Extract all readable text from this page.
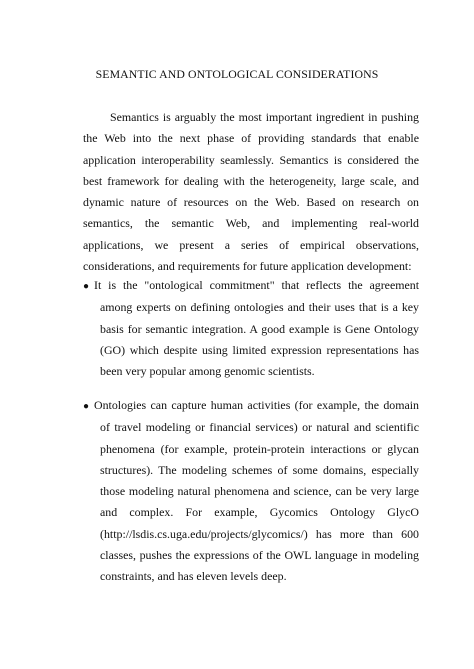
SEMANTIC AND ONTOLOGICAL CONSIDERATIONS

Semantics is arguably the most important ingredient in pushing the Web into the next phase of providing standards that enable application interoperability seamlessly. Semantics is considered the best framework for dealing with the heterogeneity, large scale, and dynamic nature of resources on the Web. Based on research on semantics, the semantic Web, and implementing real-world applications, we present a series of empirical observations, considerations, and requirements for future application development:

● It is the "ontological commitment" that reflects the agreement among experts on defining ontologies and their uses that is a key basis for semantic integration. A good example is Gene Ontology (GO) which despite using limited expression representations has been very popular among genomic scientists.
● Ontologies can capture human activities (for example, the domain of travel modeling or financial services) or natural and scientific phenomena (for example, protein-protein interactions or glycan structures). The modeling schemes of some domains, especially those modeling natural phenomena and science, can be very large and complex. For example, Gycomics Ontology GlycO (http://lsdis.cs.uga.edu/projects/glycomics/) has more than 600 classes, pushes the expressions of the OWL language in modeling constraints, and has eleven levels deep.
